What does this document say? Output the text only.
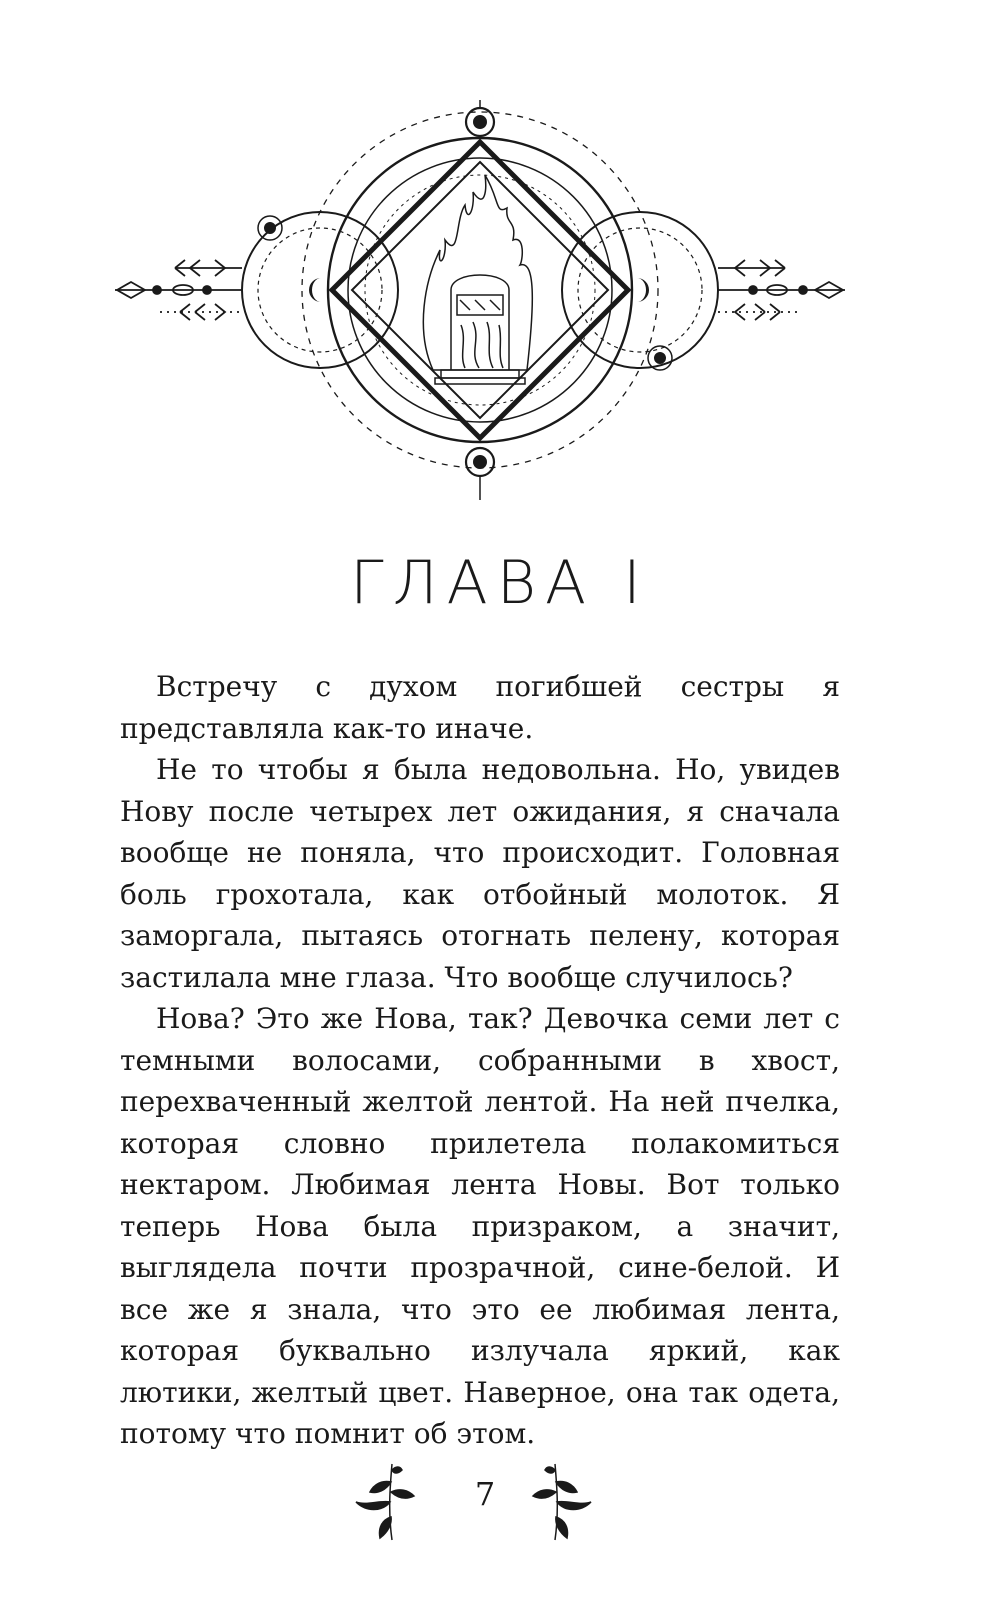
ГЛАВА I

Встречу с духом погибшей сестры я представляла как-то иначе.

Не то чтобы я была недовольна. Но, увидев Нову после четырех лет ожидания, я сначала вообще не поняла, что происходит. Головная боль грохотала, как отбойный молоток. Я заморгала, пытаясь отогнать пелену, которая застилала мне глаза. Что вообще случилось?

Нова? Это же Нова, так? Девочка семи лет с темными волосами, собранными в хвост, перехваченный желтой лентой. На ней пчелка, которая словно прилетела полакомиться нектаром. Любимая лента Новы. Вот только теперь Нова была призраком, а значит, выглядела почти прозрачной, сине-белой. И все же я знала, что это ее любимая лента, которая буквально излучала яркий, как лютики, желтый цвет. Наверное, она так одета, потому что помнит об этом.

7
